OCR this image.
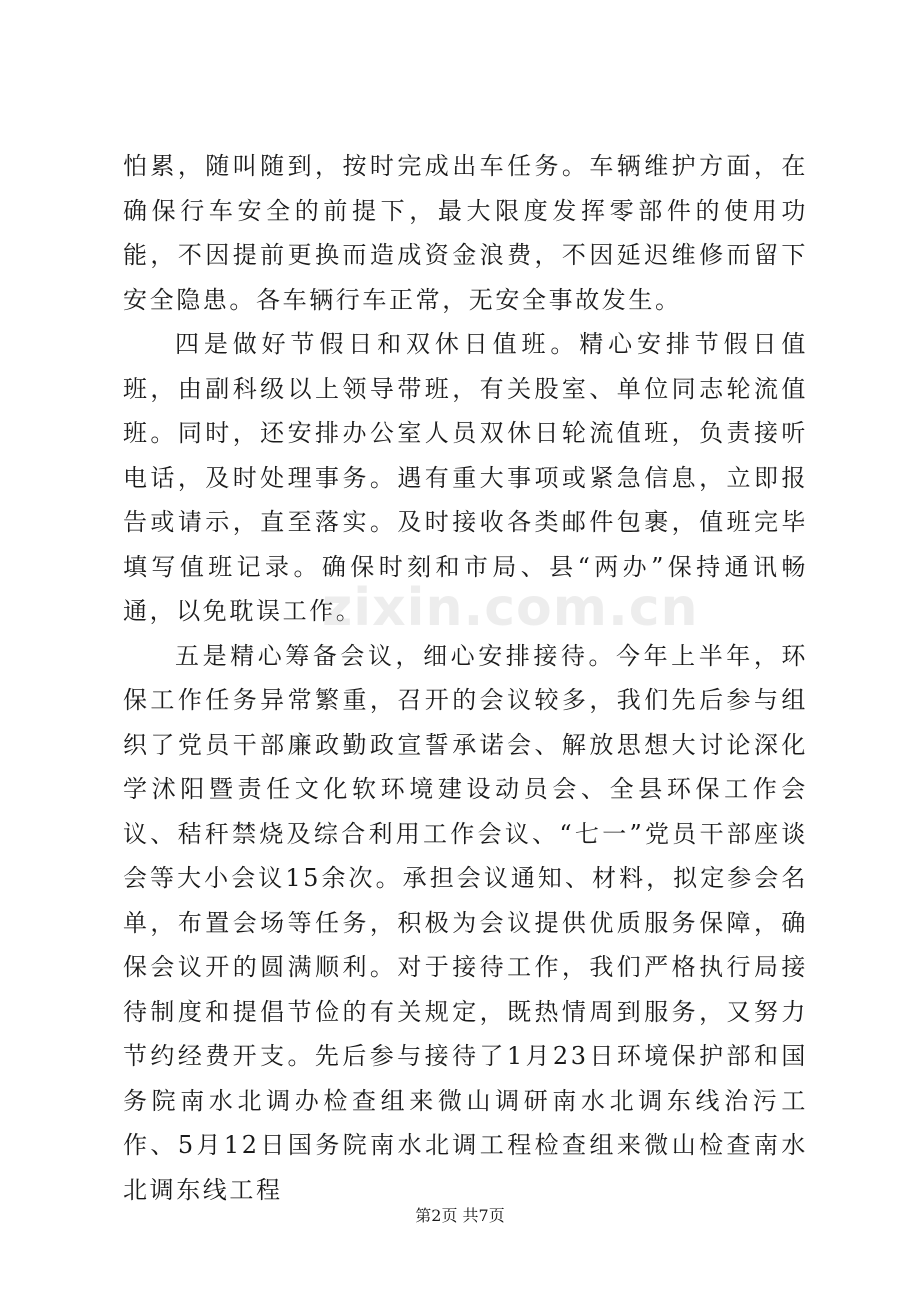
怕累，随叫随到，按时完成出车任务。车辆维护方面，在确保行车安全的前提下，最大限度发挥零部件的使用功能，不因提前更换而造成资金浪费，不因延迟维修而留下安全隐患。各车辆行车正常，无安全事故发生。

四是做好节假日和双休日值班。精心安排节假日值班，由副科级以上领导带班，有关股室、单位同志轮流值班。同时，还安排办公室人员双休日轮流值班，负责接听电话，及时处理事务。遇有重大事项或紧急信息，立即报告或请示，直至落实。及时接收各类邮件包裹，值班完毕填写值班记录。确保时刻和市局、县“两办”保持通讯畅通，以免耽误工作。

五是精心筹备会议，细心安排接待。今年上半年，环保工作任务异常繁重，召开的会议较多，我们先后参与组织了党员干部廉政勤政宣誓承诺会、解放思想大讨论深化学沭阳暨责任文化软环境建设动员会、全县环保工作会议、秸秆禁烧及综合利用工作会议、“七一”党员干部座谈会等大小会议15余次。承担会议通知、材料，拟定参会名单，布置会场等任务，积极为会议提供优质服务保障，确保会议开的圆满顺利。对于接待工作，我们严格执行局接待制度和提倡节俭的有关规定，既热情周到服务，又努力节约经费开支。先后参与接待了1月23日环境保护部和国务院南水北调办检查组来微山调研南水北调东线治污工作、5月12日国务院南水北调工程检查组来微山检查南水北调东线工程

zixin.com.cn
第2页 共7页
